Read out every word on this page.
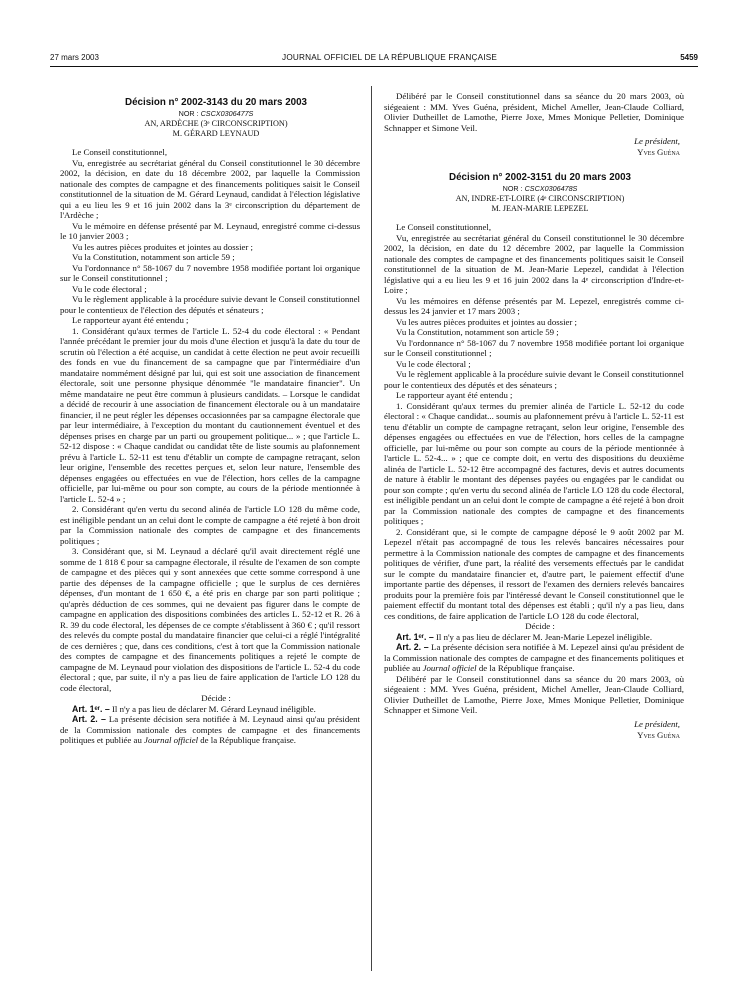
27 mars 2003	JOURNAL OFFICIEL DE LA RÉPUBLIQUE FRANÇAISE	5459

Décision n° 2002-3143 du 20 mars 2003

NOR : CSCX0306477S

AN, ARDÈCHE (3ᵉ CIRCONSCRIPTION)

M. GÉRARD LEYNAUD

Le Conseil constitutionnel,

Vu, enregistrée au secrétariat général du Conseil constitutionnel le 30 décembre 2002, la décision, en date du 18 décembre 2002, par laquelle la Commission nationale des comptes de campagne et des financements politiques saisit le Conseil constitutionnel de la situation de M. Gérard Leynaud, candidat à l'élection législative qui a eu lieu les 9 et 16 juin 2002 dans la 3ᵉ circonscription du département de l'Ardèche ;

Vu le mémoire en défense présenté par M. Leynaud, enregistré comme ci-dessus le 10 janvier 2003 ;

Vu les autres pièces produites et jointes au dossier ;

Vu la Constitution, notamment son article 59 ;

Vu l'ordonnance n° 58-1067 du 7 novembre 1958 modifiée portant loi organique sur le Conseil constitutionnel ;

Vu le code électoral ;

Vu le règlement applicable à la procédure suivie devant le Conseil constitutionnel pour le contentieux de l'élection des députés et sénateurs ;

Le rapporteur ayant été entendu ;

1. Considérant qu'aux termes de l'article L. 52-4 du code électoral : « Pendant l'année précédant le premier jour du mois d'une élection et jusqu'à la date du tour de scrutin où l'élection a été acquise, un candidat à cette élection ne peut avoir recueilli des fonds en vue du financement de sa campagne que par l'intermédiaire d'un mandataire nommément désigné par lui, qui est soit une association de financement électorale, soit une personne physique dénommée "le mandataire financier". Un même mandataire ne peut être commun à plusieurs candidats. – Lorsque le candidat a décidé de recourir à une association de financement électorale ou à un mandataire financier, il ne peut régler les dépenses occasionnées par sa campagne électorale que par leur intermédiaire, à l'exception du montant du cautionnement éventuel et des dépenses prises en charge par un parti ou groupement politique... » ; que l'article L. 52-12 dispose : « Chaque candidat ou candidat tête de liste soumis au plafonnement prévu à l'article L. 52-11 est tenu d'établir un compte de campagne retraçant, selon leur origine, l'ensemble des recettes perçues et, selon leur nature, l'ensemble des dépenses engagées ou effectuées en vue de l'élection, hors celles de la campagne officielle, par lui-même ou pour son compte, au cours de la période mentionnée à l'article L. 52-4 » ;

2. Considérant qu'en vertu du second alinéa de l'article LO 128 du même code, est inéligible pendant un an celui dont le compte de campagne a été rejeté à bon droit par la Commission nationale des comptes de campagne et des financements politiques ;

3. Considérant que, si M. Leynaud a déclaré qu'il avait directement réglé une somme de 1 818 € pour sa campagne électorale, il résulte de l'examen de son compte de campagne et des pièces qui y sont annexées que cette somme correspond à une partie des dépenses de la campagne officielle ; que le surplus de ces dernières dépenses, d'un montant de 1 650 €, a été pris en charge par son parti politique ; qu'après déduction de ces sommes, qui ne devaient pas figurer dans le compte de campagne en application des dispositions combinées des articles L. 52-12 et R. 26 à R. 39 du code électoral, les dépenses de ce compte s'établissent à 360 € ; qu'il ressort des relevés du compte postal du mandataire financier que celui-ci a réglé l'intégralité de ces dernières ; que, dans ces conditions, c'est à tort que la Commission nationale des comptes de campagne et des financements politiques a rejeté le compte de campagne de M. Leynaud pour violation des dispositions de l'article L. 52-4 du code électoral ; que, par suite, il n'y a pas lieu de faire application de l'article LO 128 du code électoral,

Décide :

Art. 1ᵉʳ. – Il n'y a pas lieu de déclarer M. Gérard Leynaud inéligible.

Art. 2. – La présente décision sera notifiée à M. Leynaud ainsi qu'au président de la Commission nationale des comptes de campagne et des financements politiques et publiée au Journal officiel de la République française.

Délibéré par le Conseil constitutionnel dans sa séance du 20 mars 2003, où siégeaient : MM. Yves Guéna, président, Michel Ameller, Jean-Claude Colliard, Olivier Dutheillet de Lamothe, Pierre Joxe, Mmes Monique Pelletier, Dominique Schnapper et Simone Veil.

Le président,
Yves Guéna

Décision n° 2002-3151 du 20 mars 2003

NOR : CSCX0306478S

AN, INDRE-ET-LOIRE (4ᵉ CIRCONSCRIPTION)

M. JEAN-MARIE LEPEZEL

Le Conseil constitutionnel,

Vu, enregistrée au secrétariat général du Conseil constitutionnel le 30 décembre 2002, la décision, en date du 12 décembre 2002, par laquelle la Commission nationale des comptes de campagne et des financements politiques saisit le Conseil constitutionnel de la situation de M. Jean-Marie Lepezel, candidat à l'élection législative qui a eu lieu les 9 et 16 juin 2002 dans la 4ᵉ circonscription d'Indre-et-Loire ;

Vu les mémoires en défense présentés par M. Lepezel, enregistrés comme ci-dessus les 24 janvier et 17 mars 2003 ;

Vu les autres pièces produites et jointes au dossier ;

Vu la Constitution, notamment son article 59 ;

Vu l'ordonnance n° 58-1067 du 7 novembre 1958 modifiée portant loi organique sur le Conseil constitutionnel ;

Vu le code électoral ;

Vu le règlement applicable à la procédure suivie devant le Conseil constitutionnel pour le contentieux des députés et des sénateurs ;

Le rapporteur ayant été entendu ;

1. Considérant qu'aux termes du premier alinéa de l'article L. 52-12 du code électoral : « Chaque candidat... soumis au plafonnement prévu à l'article L. 52-11 est tenu d'établir un compte de campagne retraçant, selon leur origine, l'ensemble des dépenses engagées ou effectuées en vue de l'élection, hors celles de la campagne officielle, par lui-même ou pour son compte au cours de la période mentionnée à l'article L. 52-4... » ; que ce compte doit, en vertu des dispositions du deuxième alinéa de l'article L. 52-12 être accompagné des factures, devis et autres documents de nature à établir le montant des dépenses payées ou engagées par le candidat ou pour son compte ; qu'en vertu du second alinéa de l'article LO 128 du code électoral, est inéligible pendant un an celui dont le compte de campagne a été rejeté à bon droit par la Commission nationale des comptes de campagne et des financements politiques ;

2. Considérant que, si le compte de campagne déposé le 9 août 2002 par M. Lepezel n'était pas accompagné de tous les relevés bancaires nécessaires pour permettre à la Commission nationale des comptes de campagne et des financements politiques de vérifier, d'une part, la réalité des versements effectués par le candidat sur le compte du mandataire financier et, d'autre part, le paiement effectif d'une importante partie des dépenses, il ressort de l'examen des derniers relevés bancaires produits pour la première fois par l'intéressé devant le Conseil constitutionnel que le paiement effectif du montant total des dépenses est établi ; qu'il n'y a pas lieu, dans ces conditions, de faire application de l'article LO 128 du code électoral,

Décide :

Art. 1ᵉʳ. – Il n'y a pas lieu de déclarer M. Jean-Marie Lepezel inéligible.

Art. 2. – La présente décision sera notifiée à M. Lepezel ainsi qu'au président de la Commission nationale des comptes de campagne et des financements politiques et publiée au Journal officiel de la République française.

Délibéré par le Conseil constitutionnel dans sa séance du 20 mars 2003, où siégeaient : MM. Yves Guéna, président, Michel Ameller, Jean-Claude Colliard, Olivier Dutheillet de Lamothe, Pierre Joxe, Mmes Monique Pelletier, Dominique Schnapper et Simone Veil.

Le président,
Yves Guéna
